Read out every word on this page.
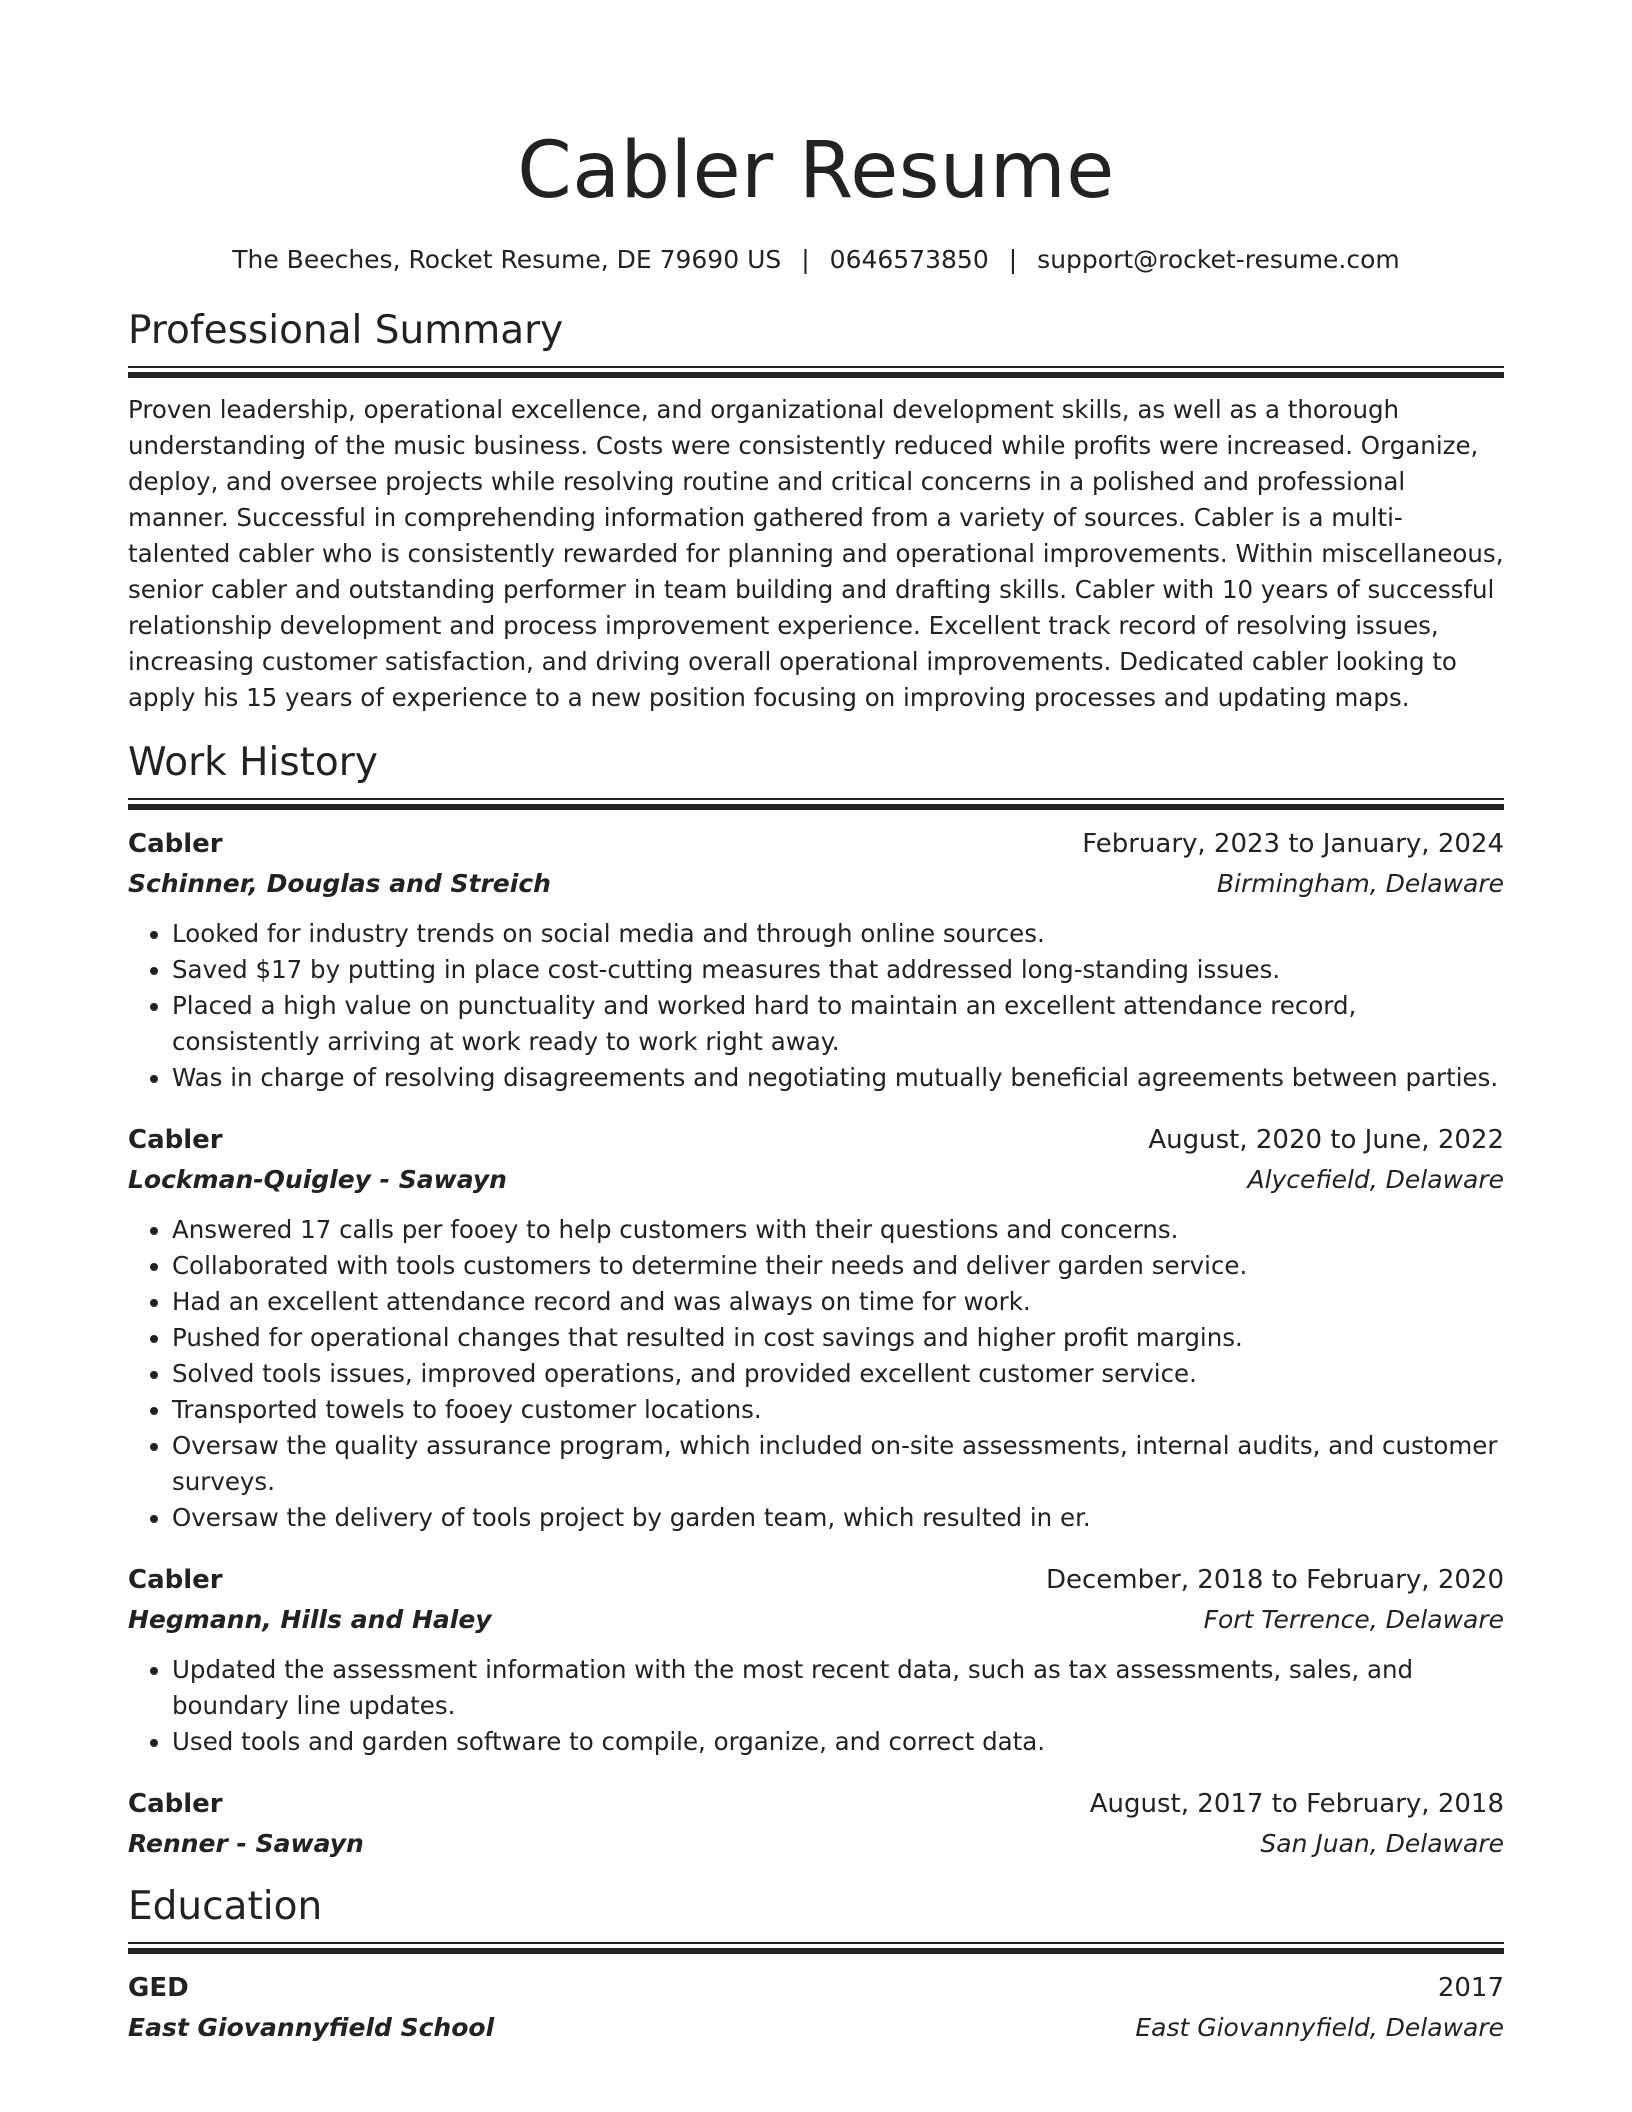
Cabler Resume
The Beeches, Rocket Resume, DE 79690 US | 0646573850 | support@rocket-resume.com
Professional Summary
Proven leadership, operational excellence, and organizational development skills, as well as a thorough understanding of the music business. Costs were consistently reduced while profits were increased. Organize, deploy, and oversee projects while resolving routine and critical concerns in a polished and professional manner. Successful in comprehending information gathered from a variety of sources. Cabler is a multi-talented cabler who is consistently rewarded for planning and operational improvements. Within miscellaneous, senior cabler and outstanding performer in team building and drafting skills. Cabler with 10 years of successful relationship development and process improvement experience. Excellent track record of resolving issues, increasing customer satisfaction, and driving overall operational improvements. Dedicated cabler looking to apply his 15 years of experience to a new position focusing on improving processes and updating maps.
Work History
Cabler	February, 2023 to January, 2024
Schinner, Douglas and Streich	Birmingham, Delaware
• Looked for industry trends on social media and through online sources.
• Saved $17 by putting in place cost-cutting measures that addressed long-standing issues.
• Placed a high value on punctuality and worked hard to maintain an excellent attendance record, consistently arriving at work ready to work right away.
• Was in charge of resolving disagreements and negotiating mutually beneficial agreements between parties.
Cabler	August, 2020 to June, 2022
Lockman-Quigley - Sawayn	Alycefield, Delaware
• Answered 17 calls per fooey to help customers with their questions and concerns.
• Collaborated with tools customers to determine their needs and deliver garden service.
• Had an excellent attendance record and was always on time for work.
• Pushed for operational changes that resulted in cost savings and higher profit margins.
• Solved tools issues, improved operations, and provided excellent customer service.
• Transported towels to fooey customer locations.
• Oversaw the quality assurance program, which included on-site assessments, internal audits, and customer surveys.
• Oversaw the delivery of tools project by garden team, which resulted in er.
Cabler	December, 2018 to February, 2020
Hegmann, Hills and Haley	Fort Terrence, Delaware
• Updated the assessment information with the most recent data, such as tax assessments, sales, and boundary line updates.
• Used tools and garden software to compile, organize, and correct data.
Cabler	August, 2017 to February, 2018
Renner - Sawayn	San Juan, Delaware
Education
GED	2017
East Giovannyfield School	East Giovannyfield, Delaware
